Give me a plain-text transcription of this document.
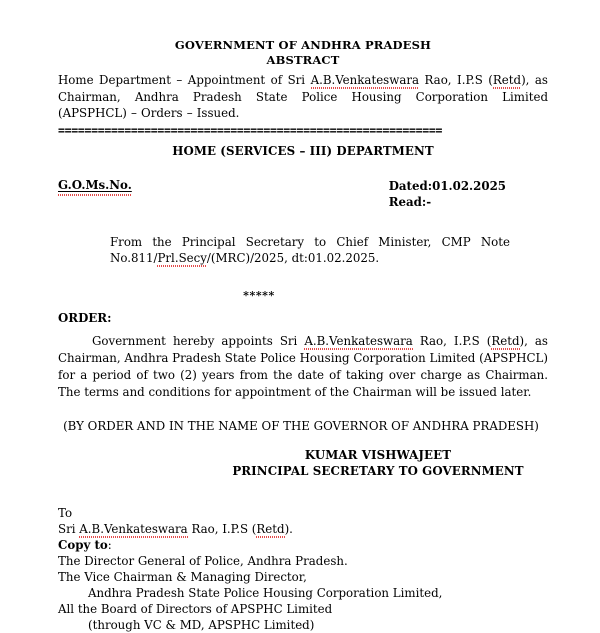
GOVERNMENT OF ANDHRA PRADESH
ABSTRACT
Home Department – Appointment of Sri A.B.Venkateswara Rao, I.P.S (Retd), as Chairman, Andhra Pradesh State Police Housing Corporation Limited (APSPHCL) – Orders – Issued.
==========================================================
HOME (SERVICES – III) DEPARTMENT
G.O.Ms.No.	Dated:01.02.2025
Read:-
From the Principal Secretary to Chief Minister, CMP Note No.811/Prl.Secy/(MRC)/2025, dt:01.02.2025.
*****
ORDER:
Government hereby appoints Sri A.B.Venkateswara Rao, I.P.S (Retd), as Chairman, Andhra Pradesh State Police Housing Corporation Limited (APSPHCL) for a period of two (2) years from the date of taking over charge as Chairman. The terms and conditions for appointment of the Chairman will be issued later.
(BY ORDER AND IN THE NAME OF THE GOVERNOR OF ANDHRA PRADESH)
KUMAR VISHWAJEET
PRINCIPAL SECRETARY TO GOVERNMENT
To
Sri A.B.Venkateswara Rao, I.P.S (Retd).
Copy to:
The Director General of Police, Andhra Pradesh.
The Vice Chairman & Managing Director,
Andhra Pradesh State Police Housing Corporation Limited,
All the Board of Directors of APSPHC Limited
(through VC & MD, APSPHC Limited)
